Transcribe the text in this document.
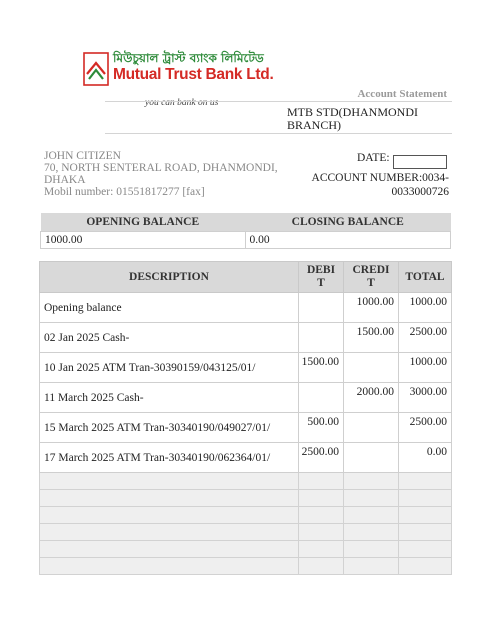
মিউচুয়াল ট্রাস্ট ব্যাংক লিমিটেড
Mutual Trust Bank Ltd.
you can bank on us
Account Statement
MTB STD(DHANMONDI BRANCH)
JOHN CITIZEN
70, NORTH SENTERAL ROAD, DHANMONDI, DHAKA
Mobil number: 01551817277 [fax]
DATE:
ACCOUNT NUMBER:0034-0033000726
OPENING BALANCE	CLOSING BALANCE
1000.00	0.00
DESCRIPTION	DEBIT	CREDIT	TOTAL
Opening balance		1000.00	1000.00
02 Jan 2025 Cash-		1500.00	2500.00
10 Jan 2025 ATM Tran-30390159/043125/01/	1500.00		1000.00
11 March 2025 Cash-		2000.00	3000.00
15 March 2025 ATM Tran-30340190/049027/01/	500.00		2500.00
17 March 2025 ATM Tran-30340190/062364/01/	2500.00		0.00
